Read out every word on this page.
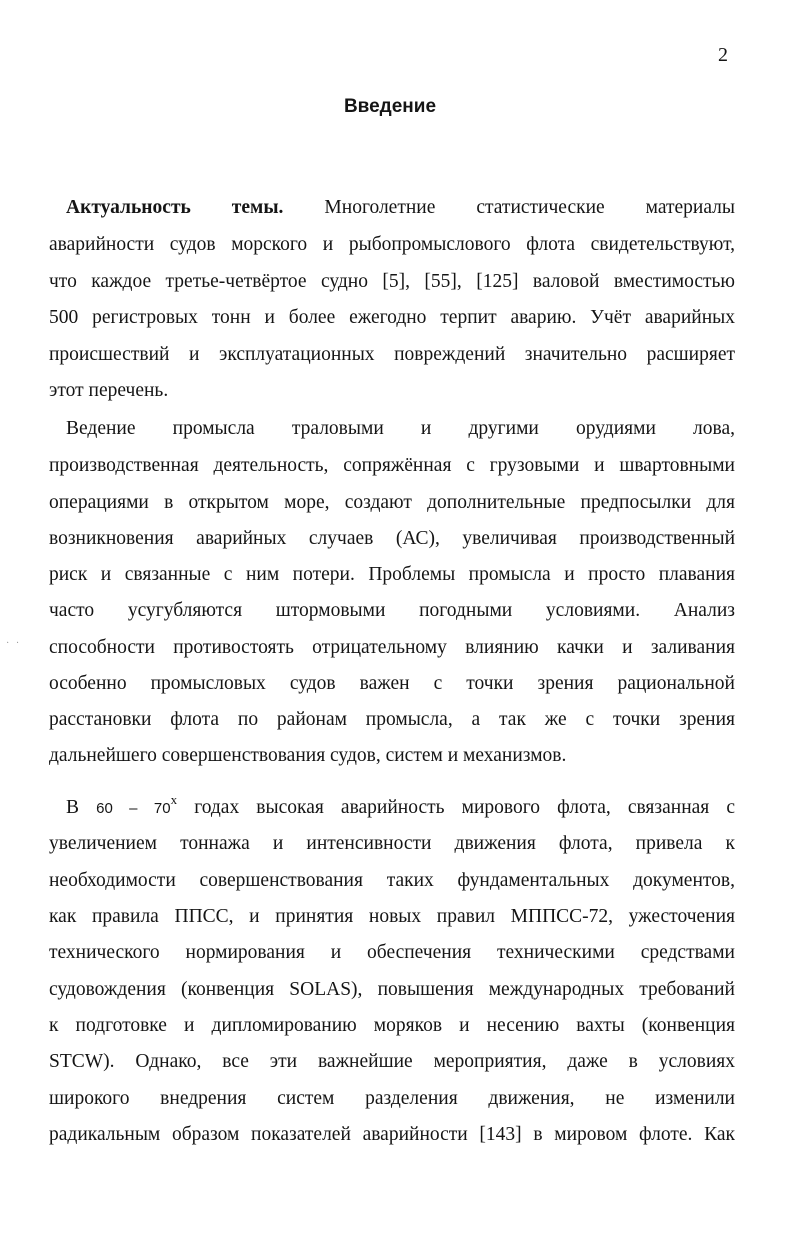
2
Введение
Актуальность темы. Многолетние статистические материалы
аварийности судов морского и рыбопромыслового флота свидетельствуют,
что каждое третье-четвёртое судно [5], [55], [125] валовой вместимостью
500 регистровых тонн и более ежегодно терпит аварию. Учёт аварийных
происшествий и эксплуатационных повреждений значительно расширяет
этот перечень.
Ведение промысла траловыми и другими орудиями лова,
производственная деятельность, сопряжённая с грузовыми и швартовными
операциями в открытом море, создают дополнительные предпосылки для
возникновения аварийных случаев (АС), увеличивая производственный
риск и связанные с ним потери. Проблемы промысла и просто плавания
часто усугубляются штормовыми погодными условиями. Анализ
способности противостоять отрицательному влиянию качки и заливания
особенно промысловых судов важен с точки зрения рациональной
расстановки флота по районам промысла, а так же с точки зрения
дальнейшего совершенствования судов, систем и механизмов.
В $60 - 70^х$ годах высокая аварийность мирового флота, связанная с
увеличением тоннажа и интенсивности движения флота, привела к
необходимости совершенствования таких фундаментальных документов,
как правила ППСС, и принятия новых правил МППСС-72, ужесточения
технического нормирования и обеспечения техническими средствами
судовождения (конвенция SOLAS), повышения международных требований
к подготовке и дипломированию моряков и несению вахты (конвенция
STCW). Однако, все эти важнейшие мероприятия, даже в условиях
широкого внедрения систем разделения движения, не изменили
радикальным образом показателей аварийности [143] в мировом флоте. Как
· ·
